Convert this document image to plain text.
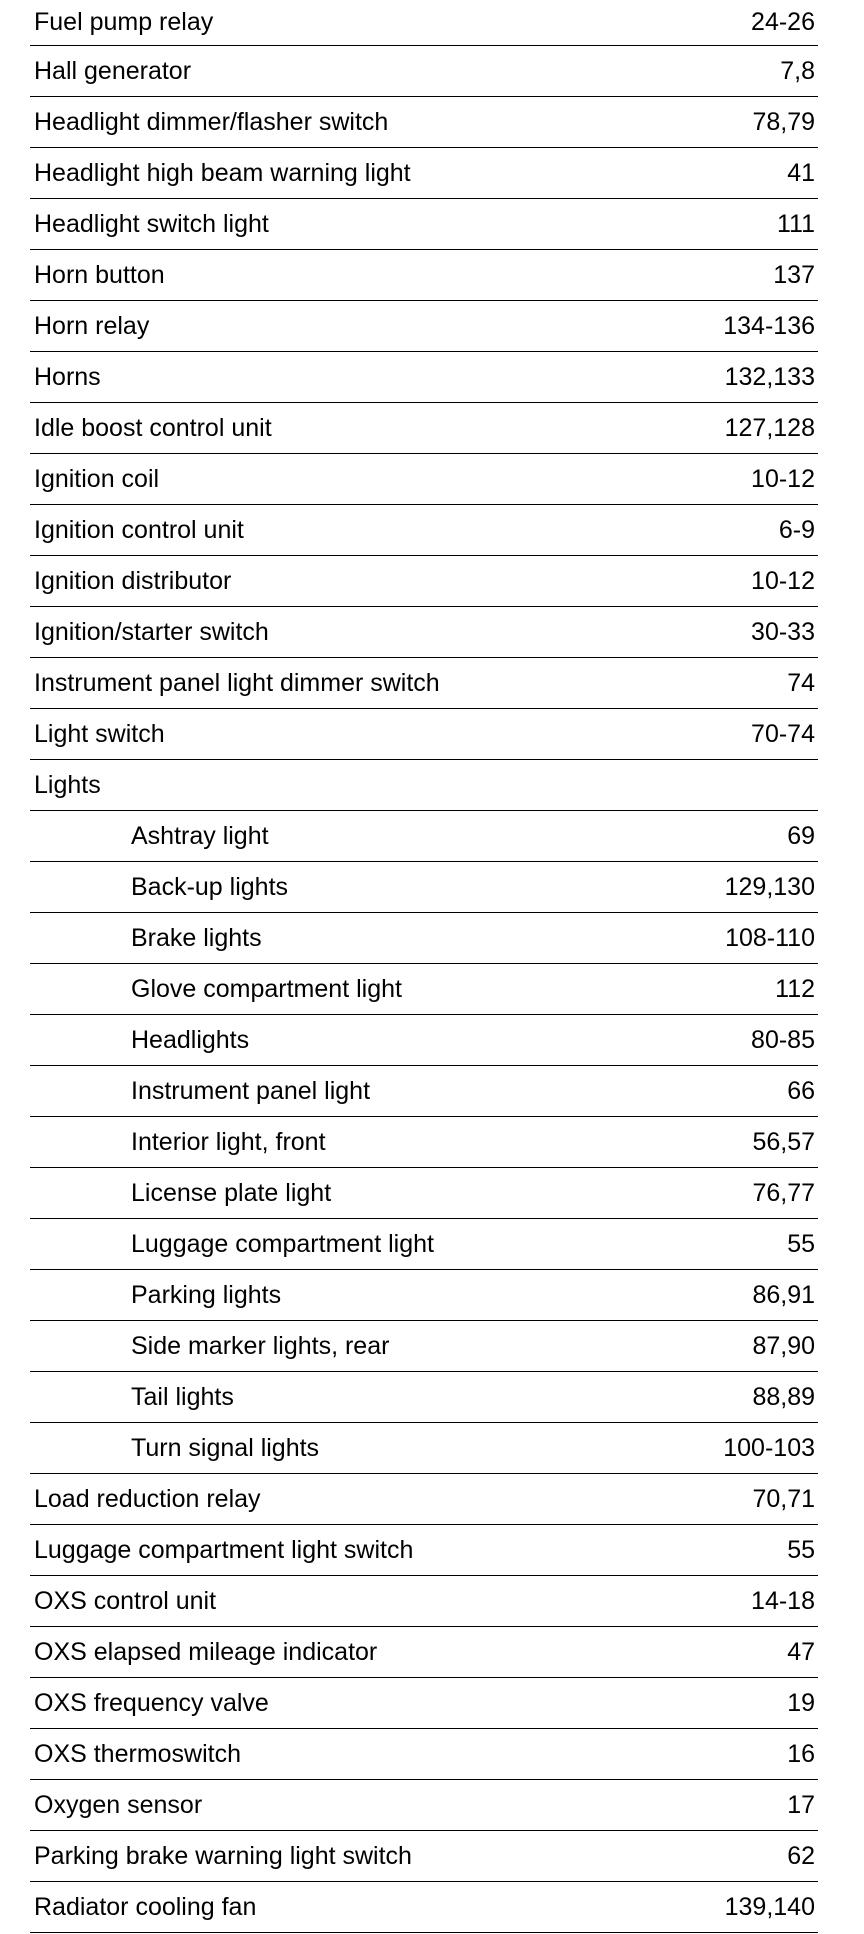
Fuel pump relay	24-26
Hall generator	7,8
Headlight dimmer/flasher switch	78,79
Headlight high beam warning light	41
Headlight switch light	111
Horn button	137
Horn relay	134-136
Horns	132,133
Idle boost control unit	127,128
Ignition coil	10-12
Ignition control unit	6-9
Ignition distributor	10-12
Ignition/starter switch	30-33
Instrument panel light dimmer switch	74
Light switch	70-74
Lights
Ashtray light	69
Back-up lights	129,130
Brake lights	108-110
Glove compartment light	112
Headlights	80-85
Instrument panel light	66
Interior light, front	56,57
License plate light	76,77
Luggage compartment light	55
Parking lights	86,91
Side marker lights, rear	87,90
Tail lights	88,89
Turn signal lights	100-103
Load reduction relay	70,71
Luggage compartment light switch	55
OXS control unit	14-18
OXS elapsed mileage indicator	47
OXS frequency valve	19
OXS thermoswitch	16
Oxygen sensor	17
Parking brake warning light switch	62
Radiator cooling fan	139,140
